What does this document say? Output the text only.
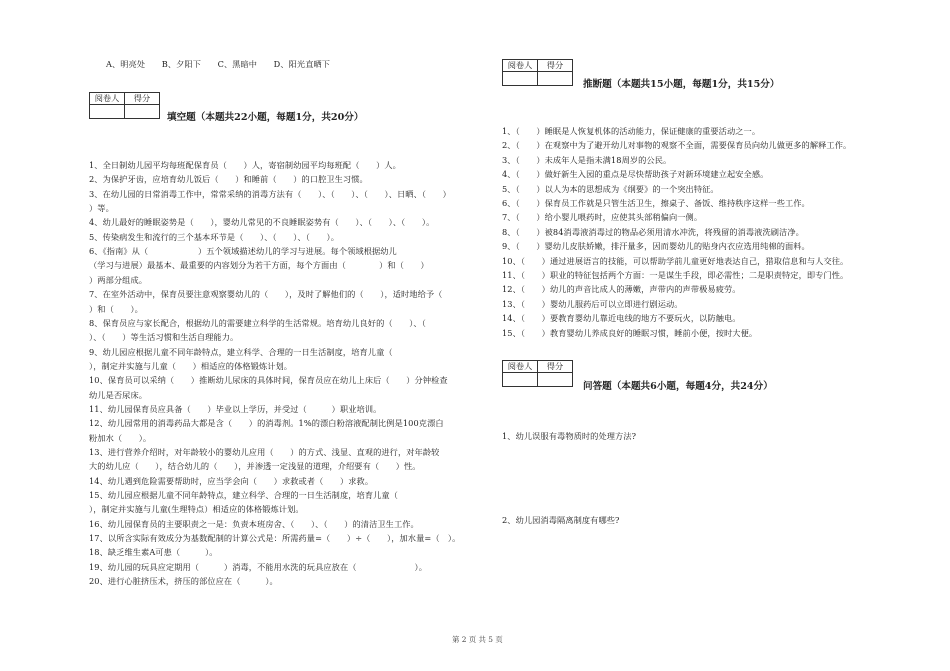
A、明亮处　　B、夕阳下　　C、黑暗中　　D、阳光直晒下
阅卷人	得分

填空题（本题共22小题，每题1分，共20分）
1、全日制幼儿园平均每班配保育员（　　）人，寄宿制幼园平均每班配（　　）人。
2、为保护牙齿，应培育幼儿饭后（　　）和睡前（　　）的口腔卫生习惯。
3、在幼儿园的日常消毒工作中，常常采纳的消毒方法有（　　）、（　　）、（　　）、日晒、（　　）
）等。
4、幼儿最好的睡眠姿势是（　　），婴幼儿常见的不良睡眠姿势有（　　）、（　　）、（　　）。
5、传染病发生和流行的三个基本环节是（　　）、（　　）、（　　）。
6、《指南》从（　　　　　　）五个领域描述幼儿的学习与进展。每个领域根据幼儿
（学习与进展）最基本、最重要的内容划分为若干方面，每个方面由（　　　　）和（　　）
）两部分组成。
7、在室外活动中，保育员要注意观察婴幼儿的（　　），及时了解他们的（　　），适时地给予（
）和（　　）。
8、保育员应与家长配合，根据幼儿的需要建立科学的生活常规。培育幼儿良好的（　　）、（
）、（　　）等生活习惯和生活自理能力。
9、幼儿园应根据儿童不同年龄特点，建立科学、合理的一日生活制度，培育儿童（
），制定并实施与儿童（　　）相适应的体格锻炼计划。
10、保育员可以采纳（　　）推断幼儿尿床的具体时间，保育员应在幼儿上床后（　　）分钟检查
幼儿是否尿床。
11、幼儿园保育员应具备（　　）毕业以上学历，并受过（　　　）职业培训。
12、幼儿园常用的消毒药品大都是含（　　）的消毒剂。1%的漂白粉溶液配制比例是100克漂白
粉加水（　　）。
13、进行营养介绍时，对年龄较小的婴幼儿应用（　　）的方式、浅显、直观的进行，对年龄较
大的幼儿应（　　），结合幼儿的（　　），并渗透一定浅显的道理，介绍要有（　　）性。
14、幼儿遇到危险需要帮助时，应当学会向（　　）求救或者（　　）求救。
15、幼儿园应根据儿童不同年龄特点，建立科学、合理的一日生活制度，培育儿童（
），制定并实施与儿童(生理特点）相适应的体格锻炼计划。
16、幼儿园保育员的主要职责之一是：负责本班房舍、（　　）、（　　）的清洁卫生工作。
17、以所含实际有效成分为基数配制的计算公式是：所需药量=（　　）÷（　　），加水量=（　）。
18、缺乏维生素A可患（　　　）。
19、幼儿园的玩具应定期用（　　　）消毒，不能用水洗的玩具应放在（　　　　　　　）。
20、进行心脏挤压术，挤压的部位应在（　　　）。
阅卷人	得分

推断题（本题共15小题，每题1分，共15分）
1、（　　）睡眠是人恢复机体的活动能力，保证健康的重要活动之一。
2、（　　）在观察中为了避开幼儿对事物的观察不全面，需要保育员向幼儿做更多的解释工作。
3、（　　）未成年人是指未满18周岁的公民。
4、（　　）做好新生入园的重点是尽快帮助孩子对新环境建立起安全感。
5、（　　）以人为本的思想成为《纲要》的一个突出特征。
6、（　　）保育员工作就是只管生活卫生，擦桌子、备饭、维持秩序这样一些工作。
7、（　　）给小婴儿喂药时，应使其头部稍偏向一侧。
8、（　　）被84消毒液消毒过的物品必须用清水冲洗，将残留的消毒液洗刷洁净。
9、（　　）婴幼儿皮肤娇嫩，排汗量多，因而婴幼儿的贴身内衣应选用纯棉的面料。
10、（　　）通过进展语言的技能，可以帮助学前儿童更好地表达自己，猎取信息和与人交往。
11、（　　）职业的特征包括两个方面：一是谋生手段，即必需性；二是职责特定，即专门性。
12、（　　）幼儿的声音比成人的薄嫩，声带内的声带极易疲劳。
13、（　　）婴幼儿服药后可以立即进行剧运动。
14、（　　）要教育婴幼儿靠近电线的地方不要玩火，以防触电。
15、（　　）教育婴幼儿养成良好的睡眠习惯，睡前小便，按时大便。
阅卷人	得分

问答题（本题共6小题，每题4分，共24分）
1、幼儿误服有毒物质时的处理方法?
2、幼儿园消毒隔离制度有哪些?
第 2 页 共 5 页
